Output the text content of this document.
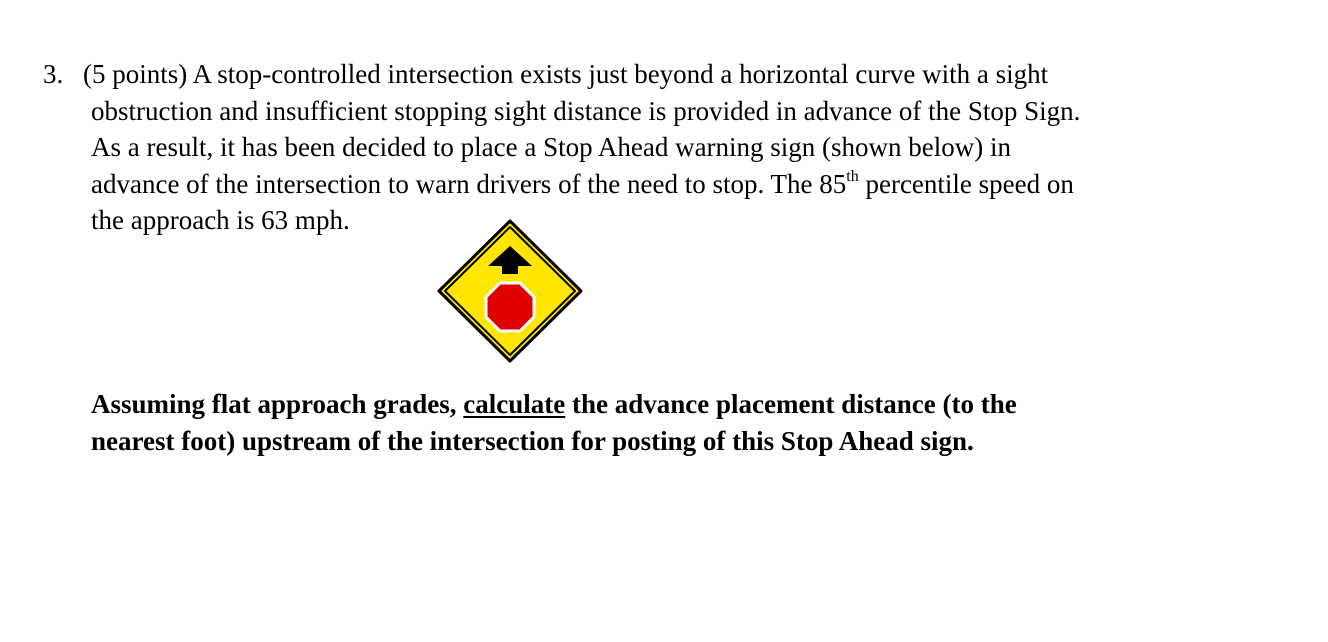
3. (5 points) A stop-controlled intersection exists just beyond a horizontal curve with a sight
obstruction and insufficient stopping sight distance is provided in advance of the Stop Sign.
As a result, it has been decided to place a Stop Ahead warning sign (shown below) in
advance of the intersection to warn drivers of the need to stop. The 85th percentile speed on
the approach is 63 mph.
Assuming flat approach grades, calculate the advance placement distance (to the
nearest foot) upstream of the intersection for posting of this Stop Ahead sign.
